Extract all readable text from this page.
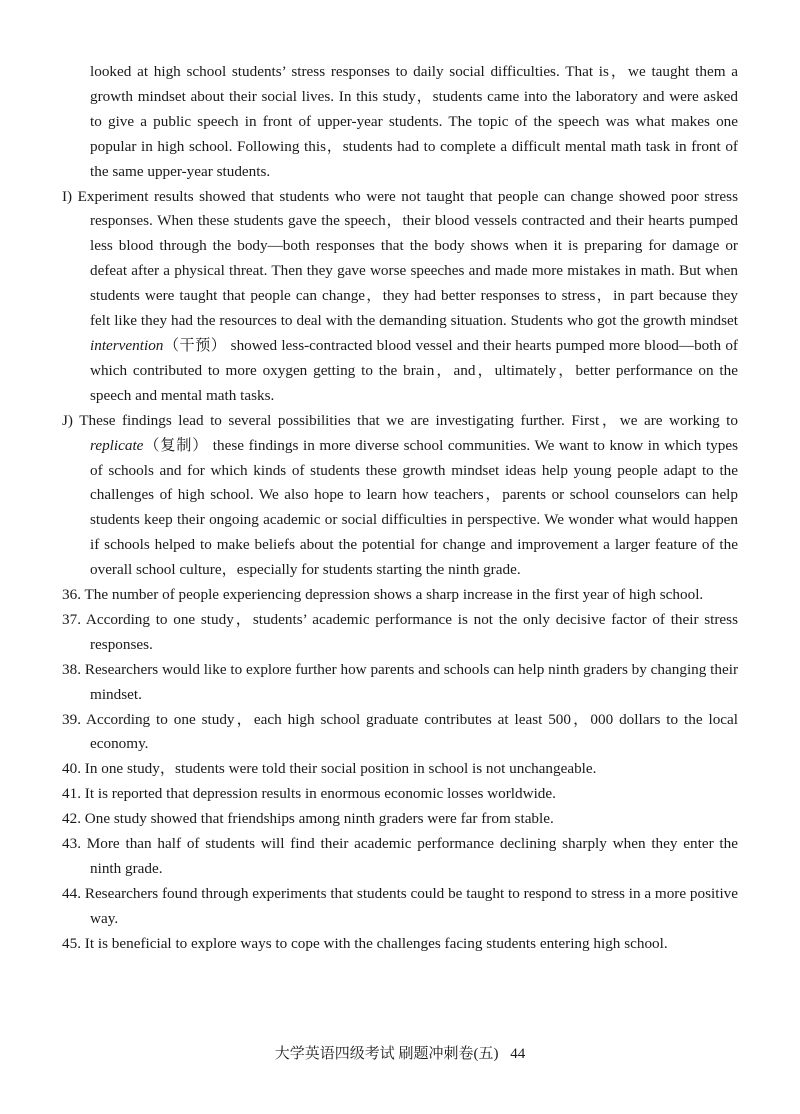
looked at high school students’ stress responses to daily social difficulties. That is，we taught them a growth mindset about their social lives. In this study，students came into the laboratory and were asked to give a public speech in front of upper-year students. The topic of the speech was what makes one popular in high school. Following this，students had to complete a difficult mental math task in front of the same upper-year students.

I) Experiment results showed that students who were not taught that people can change showed poor stress responses. When these students gave the speech，their blood vessels contracted and their hearts pumped less blood through the body—both responses that the body shows when it is preparing for damage or defeat after a physical threat. Then they gave worse speeches and made more mistakes in math. But when students were taught that people can change，they had better responses to stress，in part because they felt like they had the resources to deal with the demanding situation. Students who got the growth mindset intervention（干预） showed less-contracted blood vessel and their hearts pumped more blood—both of which contributed to more oxygen getting to the brain，and，ultimately，better performance on the speech and mental math tasks.

J) These findings lead to several possibilities that we are investigating further. First，we are working to replicate（复制） these findings in more diverse school communities. We want to know in which types of schools and for which kinds of students these growth mindset ideas help young people adapt to the challenges of high school. We also hope to learn how teachers，parents or school counselors can help students keep their ongoing academic or social difficulties in perspective. We wonder what would happen if schools helped to make beliefs about the potential for change and improvement a larger feature of the overall school culture，especially for students starting the ninth grade.

36. The number of people experiencing depression shows a sharp increase in the first year of high school.

37. According to one study，students’ academic performance is not the only decisive factor of their stress responses.

38. Researchers would like to explore further how parents and schools can help ninth graders by changing their mindset.

39. According to one study，each high school graduate contributes at least 500，000 dollars to the local economy.

40. In one study，students were told their social position in school is not unchangeable.

41. It is reported that depression results in enormous economic losses worldwide.

42. One study showed that friendships among ninth graders were far from stable.

43. More than half of students will find their academic performance declining sharply when they enter the ninth grade.

44. Researchers found through experiments that students could be taught to respond to stress in a more positive way.

45. It is beneficial to explore ways to cope with the challenges facing students entering high school.

大学英语四级考试 刷题冲刺卷(五) 44
